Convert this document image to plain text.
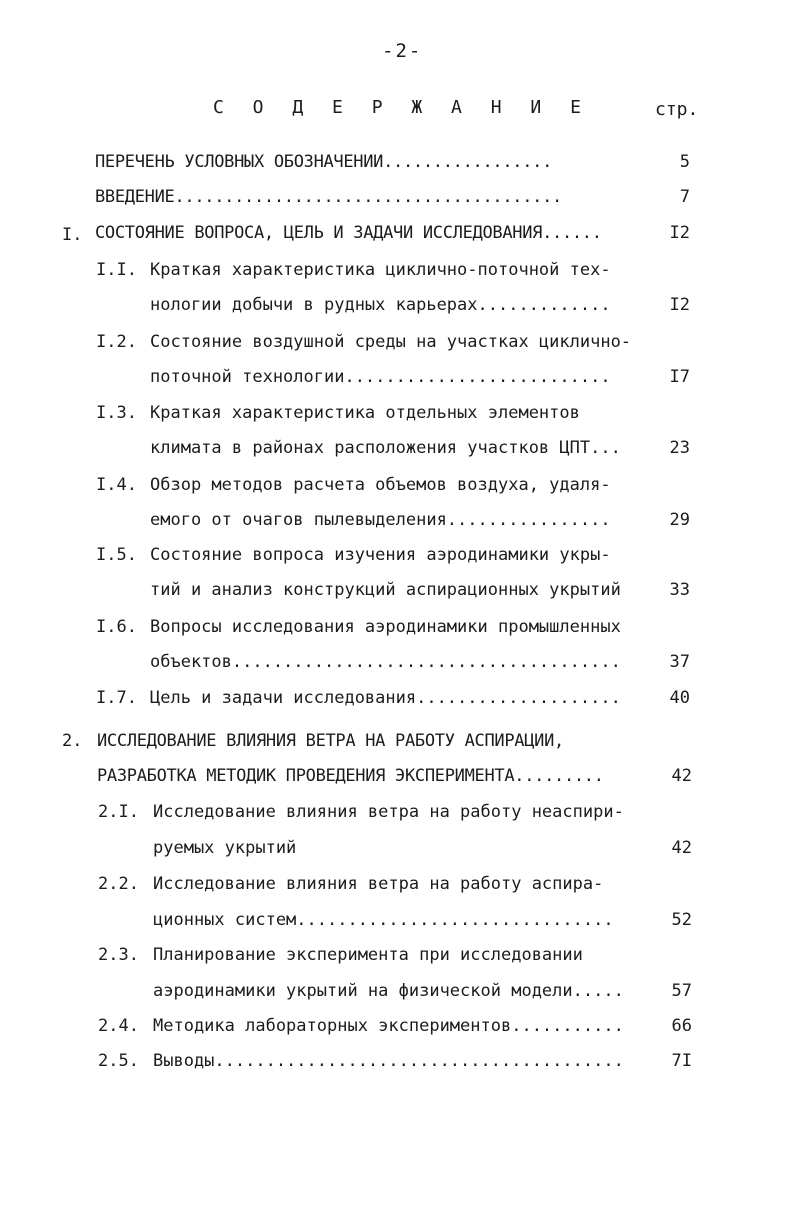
-2-
С О Д Е Р Ж А Н И Е	стр.
ПЕРЕЧЕНЬ УСЛОВНЫХ ОБОЗНАЧЕНИИ.................	5
ВВЕДЕНИЕ.......................................	7
I. СОСТОЯНИЕ ВОПРОСА, ЦЕЛЬ И ЗАДАЧИ ИССЛЕДОВАНИЯ......	I2
I.I. Краткая характеристика циклично-поточной тех-
нологии добычи в рудных карьерах.............	I2
I.2. Состояние воздушной среды на участках циклично-
поточной технологии..........................	I7
I.3. Краткая характеристика отдельных элементов
климата в районах расположения участков ЦПТ...	23
I.4. Обзор методов расчета объемов воздуха, удаля-
емого от очагов пылевыделения................	29
I.5. Состояние вопроса изучения аэродинамики укры-
тий и анализ конструкций аспирационных укрытий	33
I.6. Вопросы исследования аэродинамики промышленных
объектов......................................	37
I.7. Цель и задачи исследования....................	40
2. ИССЛЕДОВАНИЕ ВЛИЯНИЯ ВЕТРА НА РАБОТУ АСПИРАЦИИ,
РАЗРАБОТКА МЕТОДИК ПРОВЕДЕНИЯ ЭКСПЕРИМЕНТА.........	42
2.I. Исследование влияния ветра на работу неаспири-
руемых укрытий	42
2.2. Исследование влияния ветра на работу аспира-
ционных систем...............................	52
2.3. Планирование эксперимента при исследовании
аэродинамики укрытий на физической модели.....	57
2.4. Методика лабораторных экспериментов...........	66
2.5. Выводы........................................	7I
